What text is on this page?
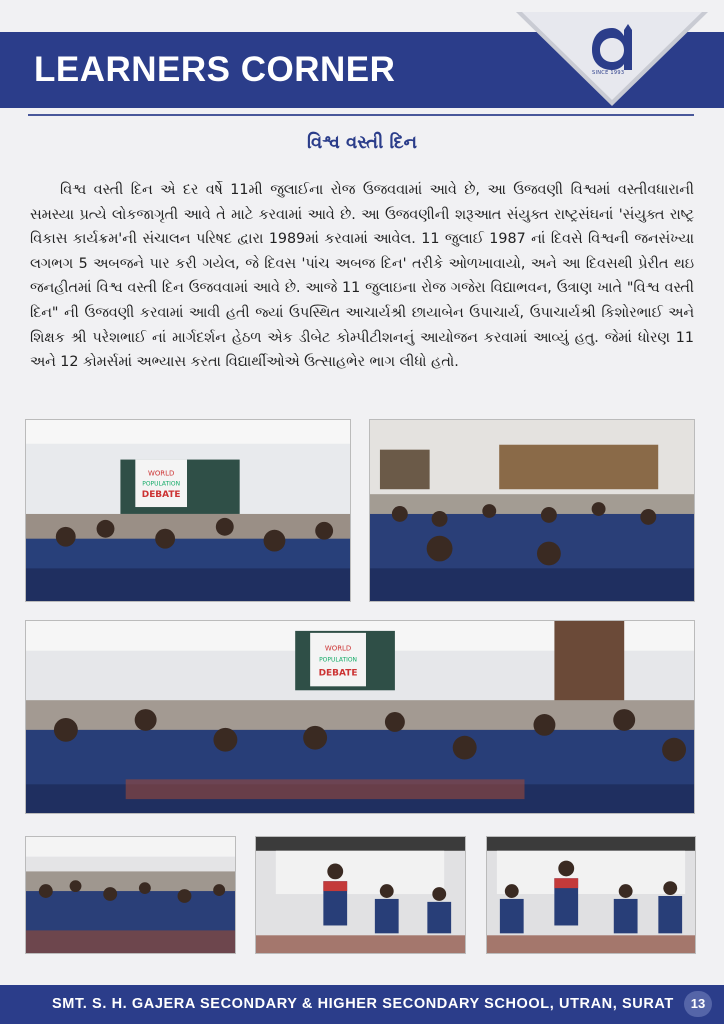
LEARNERS CORNER	SINCE 1993
વિશ્વ વસ્તી દિન

વિશ્વ વસ્તી દિન એ દર વર્ષે 11મી જુલાઈના રોજ ઉજવવામાં આવે છે, આ ઉજવણી વિશ્વમાં વસ્તીવધારાની સમસ્યા પ્રત્યે લોકજાગૃતી આવે તે માટે કરવામાં આવે છે. આ ઉજવણીની શરૂઆત સંયુક્ત રાષ્ટ્રસંઘનાં 'સંયુક્ત રાષ્ટ્ર વિકાસ કાર્યક્રમ'ની સંચાલન પરિષદ દ્વારા 1989માં કરવામાં આવેલ. 11 જુલાઈ 1987 નાં દિવસે વિશ્વની જનસંખ્યા લગભગ 5 અબજને પાર કરી ગયેલ, જે દિવસ 'પાંચ અબજ દિન' તરીકે ઓળખાવાયો, અને આ દિવસથી પ્રેરીત થઇ જનહીતમાં વિશ્વ વસ્તી દિન ઉજવવામાં આવે છે. આજે 11 જુલાઇના રોજ ગજેરા વિદ્યાભવન, ઉત્રાણ ખાતે "વિશ્વ વસ્તી દિન" ની ઉજવણી કરવામાં આવી હતી જ્યાં ઉપસ્થિત આચાર્યશ્રી છાયાબેન ઉપાચાર્ય, ઉપાચાર્યશ્રી કિશોરભાઈ અને શિક્ષક શ્રી પરેશભાઈ નાં માર્ગદર્શન હેઠળ એક ડીબેટ કોમ્પીટીશનનું આયોજન કરવામાં આવ્યું હતુ. જેમાં ધોરણ 11 અને 12 કોમર્સમાં અભ્યાસ કરતા વિદ્યાર્થીઓએ ઉત્સાહભેર ભાગ લીધો હતો.

WORLD
POPULATION
DEBATE
WORLD
POPULATION
DEBATE
SMT. S. H. GAJERA SECONDARY & HIGHER SECONDARY SCHOOL, UTRAN, SURAT	13
